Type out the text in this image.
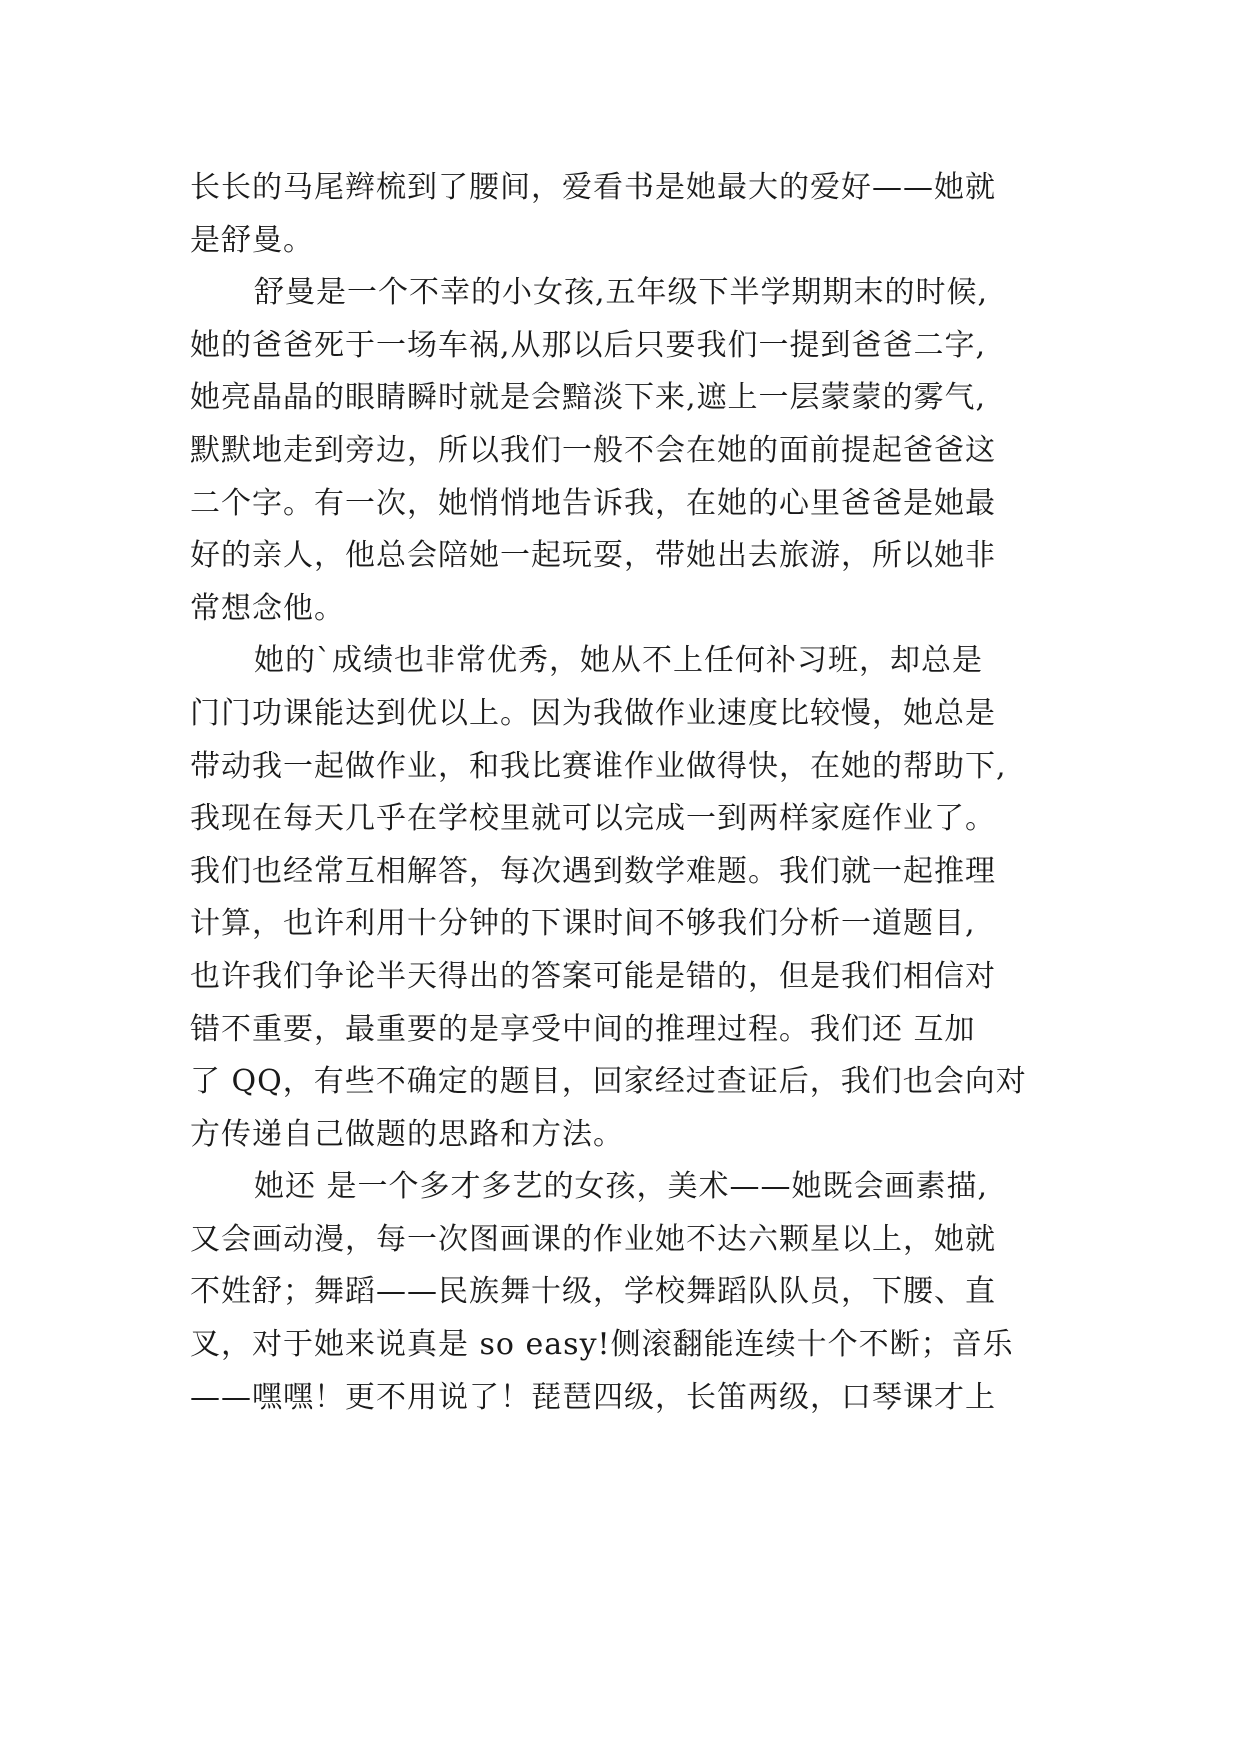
长长的马尾辫梳到了腰间，爱看书是她最大的爱好——她就
是舒曼。
舒曼是一个不幸的小女孩,五年级下半学期期末的时候,
她的爸爸死于一场车祸,从那以后只要我们一提到爸爸二字,
她亮晶晶的眼睛瞬时就是会黯淡下来,遮上一层蒙蒙的雾气,
默默地走到旁边，所以我们一般不会在她的面前提起爸爸这
二个字。有一次，她悄悄地告诉我，在她的心里爸爸是她最
好的亲人，他总会陪她一起玩耍，带她出去旅游，所以她非
常想念他。
她的`成绩也非常优秀，她从不上任何补习班，却总是
门门功课能达到优以上。因为我做作业速度比较慢，她总是
带动我一起做作业，和我比赛谁作业做得快，在她的帮助下,
我现在每天几乎在学校里就可以完成一到两样家庭作业了。
我们也经常互相解答，每次遇到数学难题。我们就一起推理
计算，也许利用十分钟的下课时间不够我们分析一道题目,
也许我们争论半天得出的答案可能是错的，但是我们相信对
错不重要，最重要的是享受中间的推理过程。我们还 互加
了 QQ，有些不确定的题目，回家经过查证后，我们也会向对
方传递自己做题的思路和方法。
她还 是一个多才多艺的女孩，美术——她既会画素描,
又会画动漫，每一次图画课的作业她不达六颗星以上，她就
不姓舒；舞蹈——民族舞十级，学校舞蹈队队员，下腰、直
叉，对于她来说真是 so easy!侧滚翻能连续十个不断；音乐
——嘿嘿！更不用说了！琵琶四级，长笛两级，口琴课才上
